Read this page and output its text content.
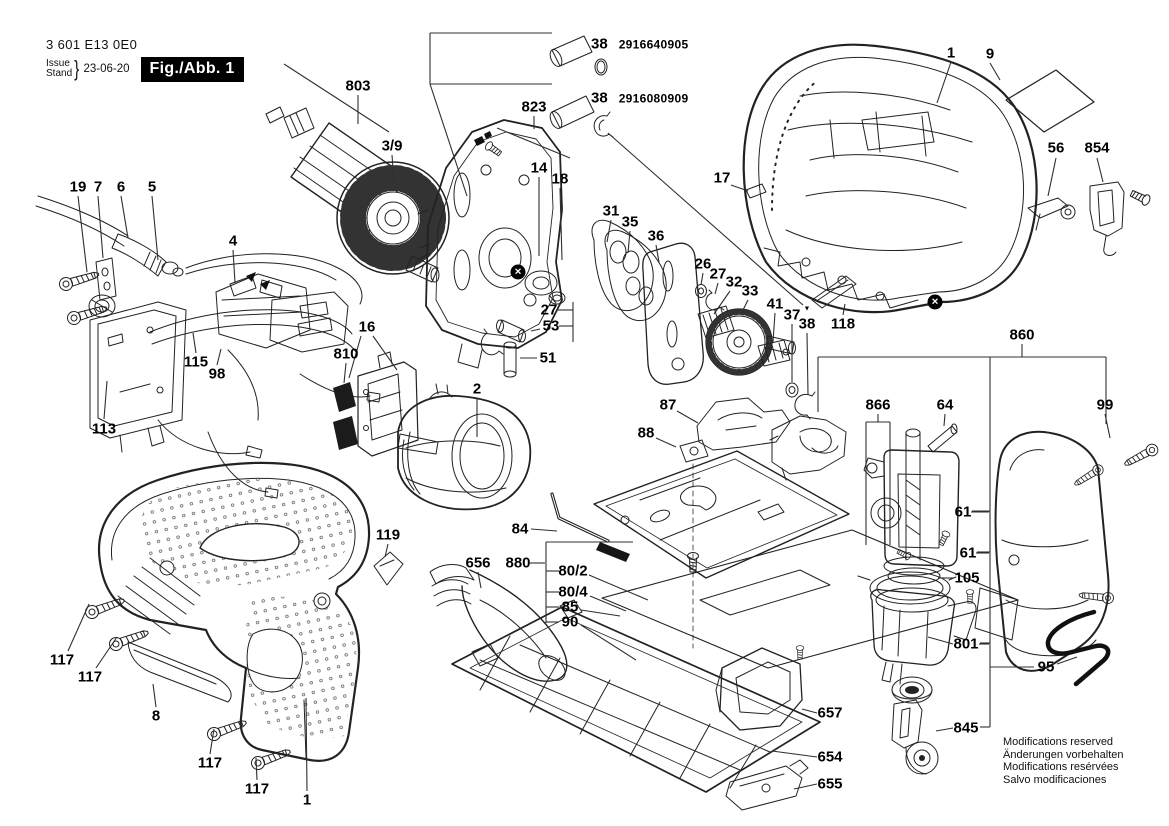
3 601 E13 0E0
Issue
Stand } 23-06-20	Fig./Abb. 1
803
3/9
823
14
18
38 2916640905
38 2916080909
1 9
56 854
17
19 7 6 5
4
115
98
113
16
810
2
31
35
36
26
27 32
33
41
37
38
▼
118
27
53
51
87
88
84
656 880 80/2
80/4
85
90
119
117
117
8
117
117
1
657
654
655
860
866	64	99
61
61
105
801
845
95
✕
✕
Modifications reserved
Änderungen vorbehalten
Modifications resérvées
Salvo modificaciones
